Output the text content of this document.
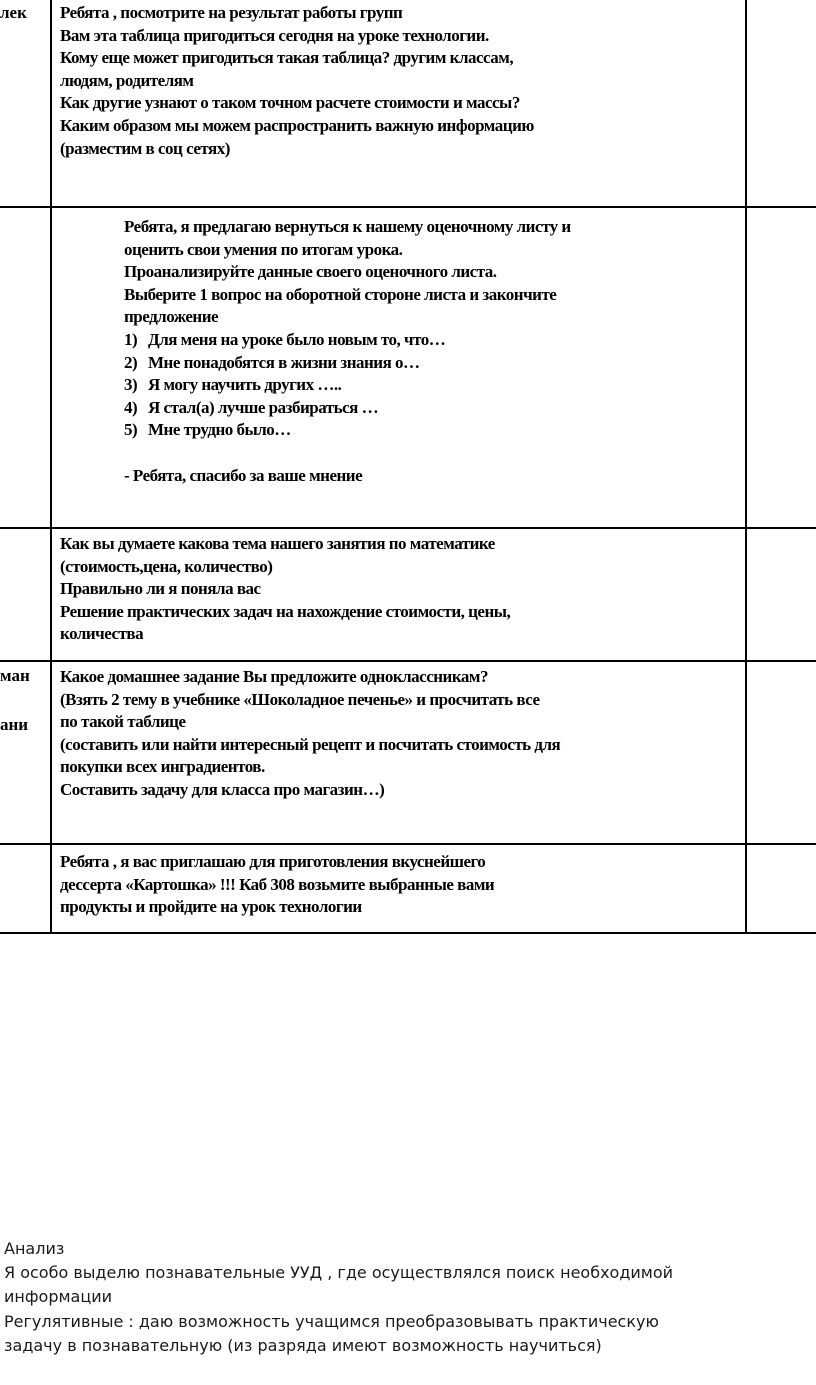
лек
ман
ани
Ребята , посмотрите на результат работы групп
Вам эта таблица пригодиться сегодня на уроке технологии.
Кому еще может пригодиться такая таблица? другим классам,
людям, родителям
Как другие узнают о таком точном расчете стоимости и массы?
Каким образом мы можем распространить важную информацию
(разместим в соц сетях)
Ребята, я предлагаю вернуться к нашему оценочному листу и
оценить свои умения по итогам урока.
Проанализируйте данные своего оценочного листа.
Выберите 1 вопрос на оборотной стороне листа и закончите
предложение
1) Для меня на уроке было новым то, что…
2) Мне понадобятся в жизни знания о…
3) Я могу научить других …..
4) Я стал(а) лучше разбираться …
5) Мне трудно было…
- Ребята, спасибо за ваше мнение
Как вы думаете какова тема нашего занятия по математике
(стоимость,цена, количество)
Правильно ли я поняла вас
Решение практических задач на нахождение стоимости, цены,
количества
Какое домашнее задание Вы предложите одноклассникам?
(Взять 2 тему в учебнике «Шоколадное печенье» и просчитать все
по такой таблице
(составить или найти интересный рецепт и посчитать стоимость для
покупки всех инградиентов.
Составить задачу для класса про магазин…)
Ребята , я вас приглашаю для приготовления вкуснейшего
дессерта «Картошка» !!! Каб 308 возьмите выбранные вами
продукты и пройдите на урок технологии
Анализ
Я особо выделю познавательные УУД , где осуществлялся поиск необходимой
информации
Регулятивные : даю возможность учащимся преобразовывать практическую
задачу в познавательную (из разряда имеют возможность научиться)
